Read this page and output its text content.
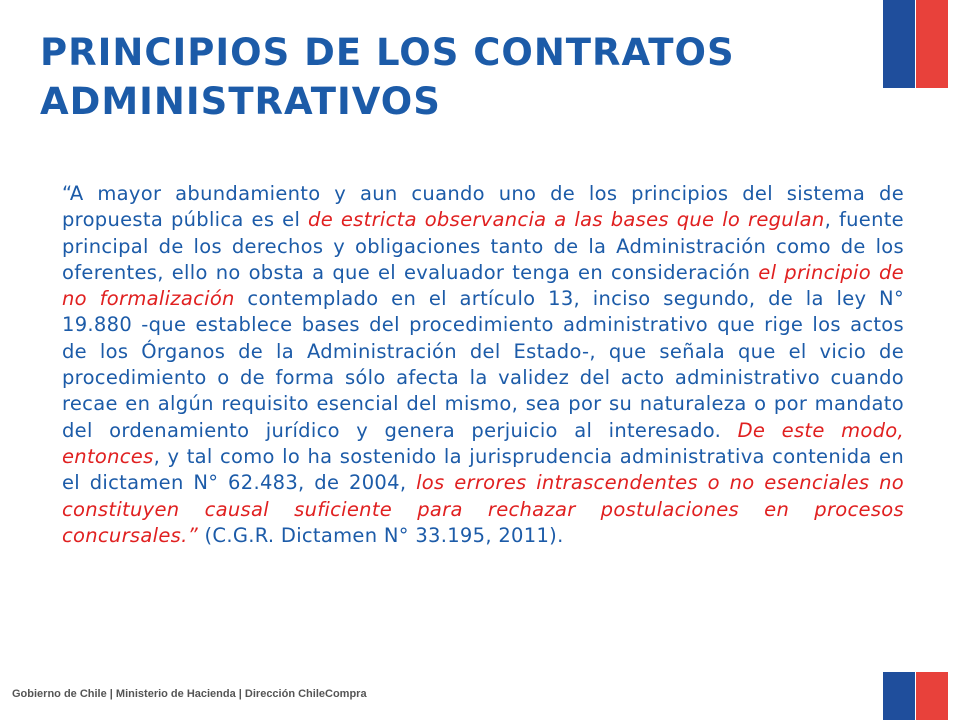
PRINCIPIOS DE LOS CONTRATOS
ADMINISTRATIVOS
“A mayor abundamiento y aun cuando uno de los principios del sistema de propuesta pública es el de estricta observancia a las bases que lo regulan, fuente principal de los derechos y obligaciones tanto de la Administración como de los oferentes, ello no obsta a que el evaluador tenga en consideración el principio de no formalización contemplado en el artículo 13, inciso segundo, de la ley N° 19.880 -que establece bases del procedimiento administrativo que rige los actos de los Órganos de la Administración del Estado-, que señala que el vicio de procedimiento o de forma sólo afecta la validez del acto administrativo cuando recae en algún requisito esencial del mismo, sea por su naturaleza o por mandato del ordenamiento jurídico y genera perjuicio al interesado. De este modo, entonces, y tal como lo ha sostenido la jurisprudencia administrativa contenida en el dictamen N° 62.483, de 2004, los errores intrascendentes o no esenciales no constituyen causal suficiente para rechazar postulaciones en procesos concursales.” (C.G.R. Dictamen N° 33.195, 2011).
Gobierno de Chile | Ministerio de Hacienda | Dirección ChileCompra
